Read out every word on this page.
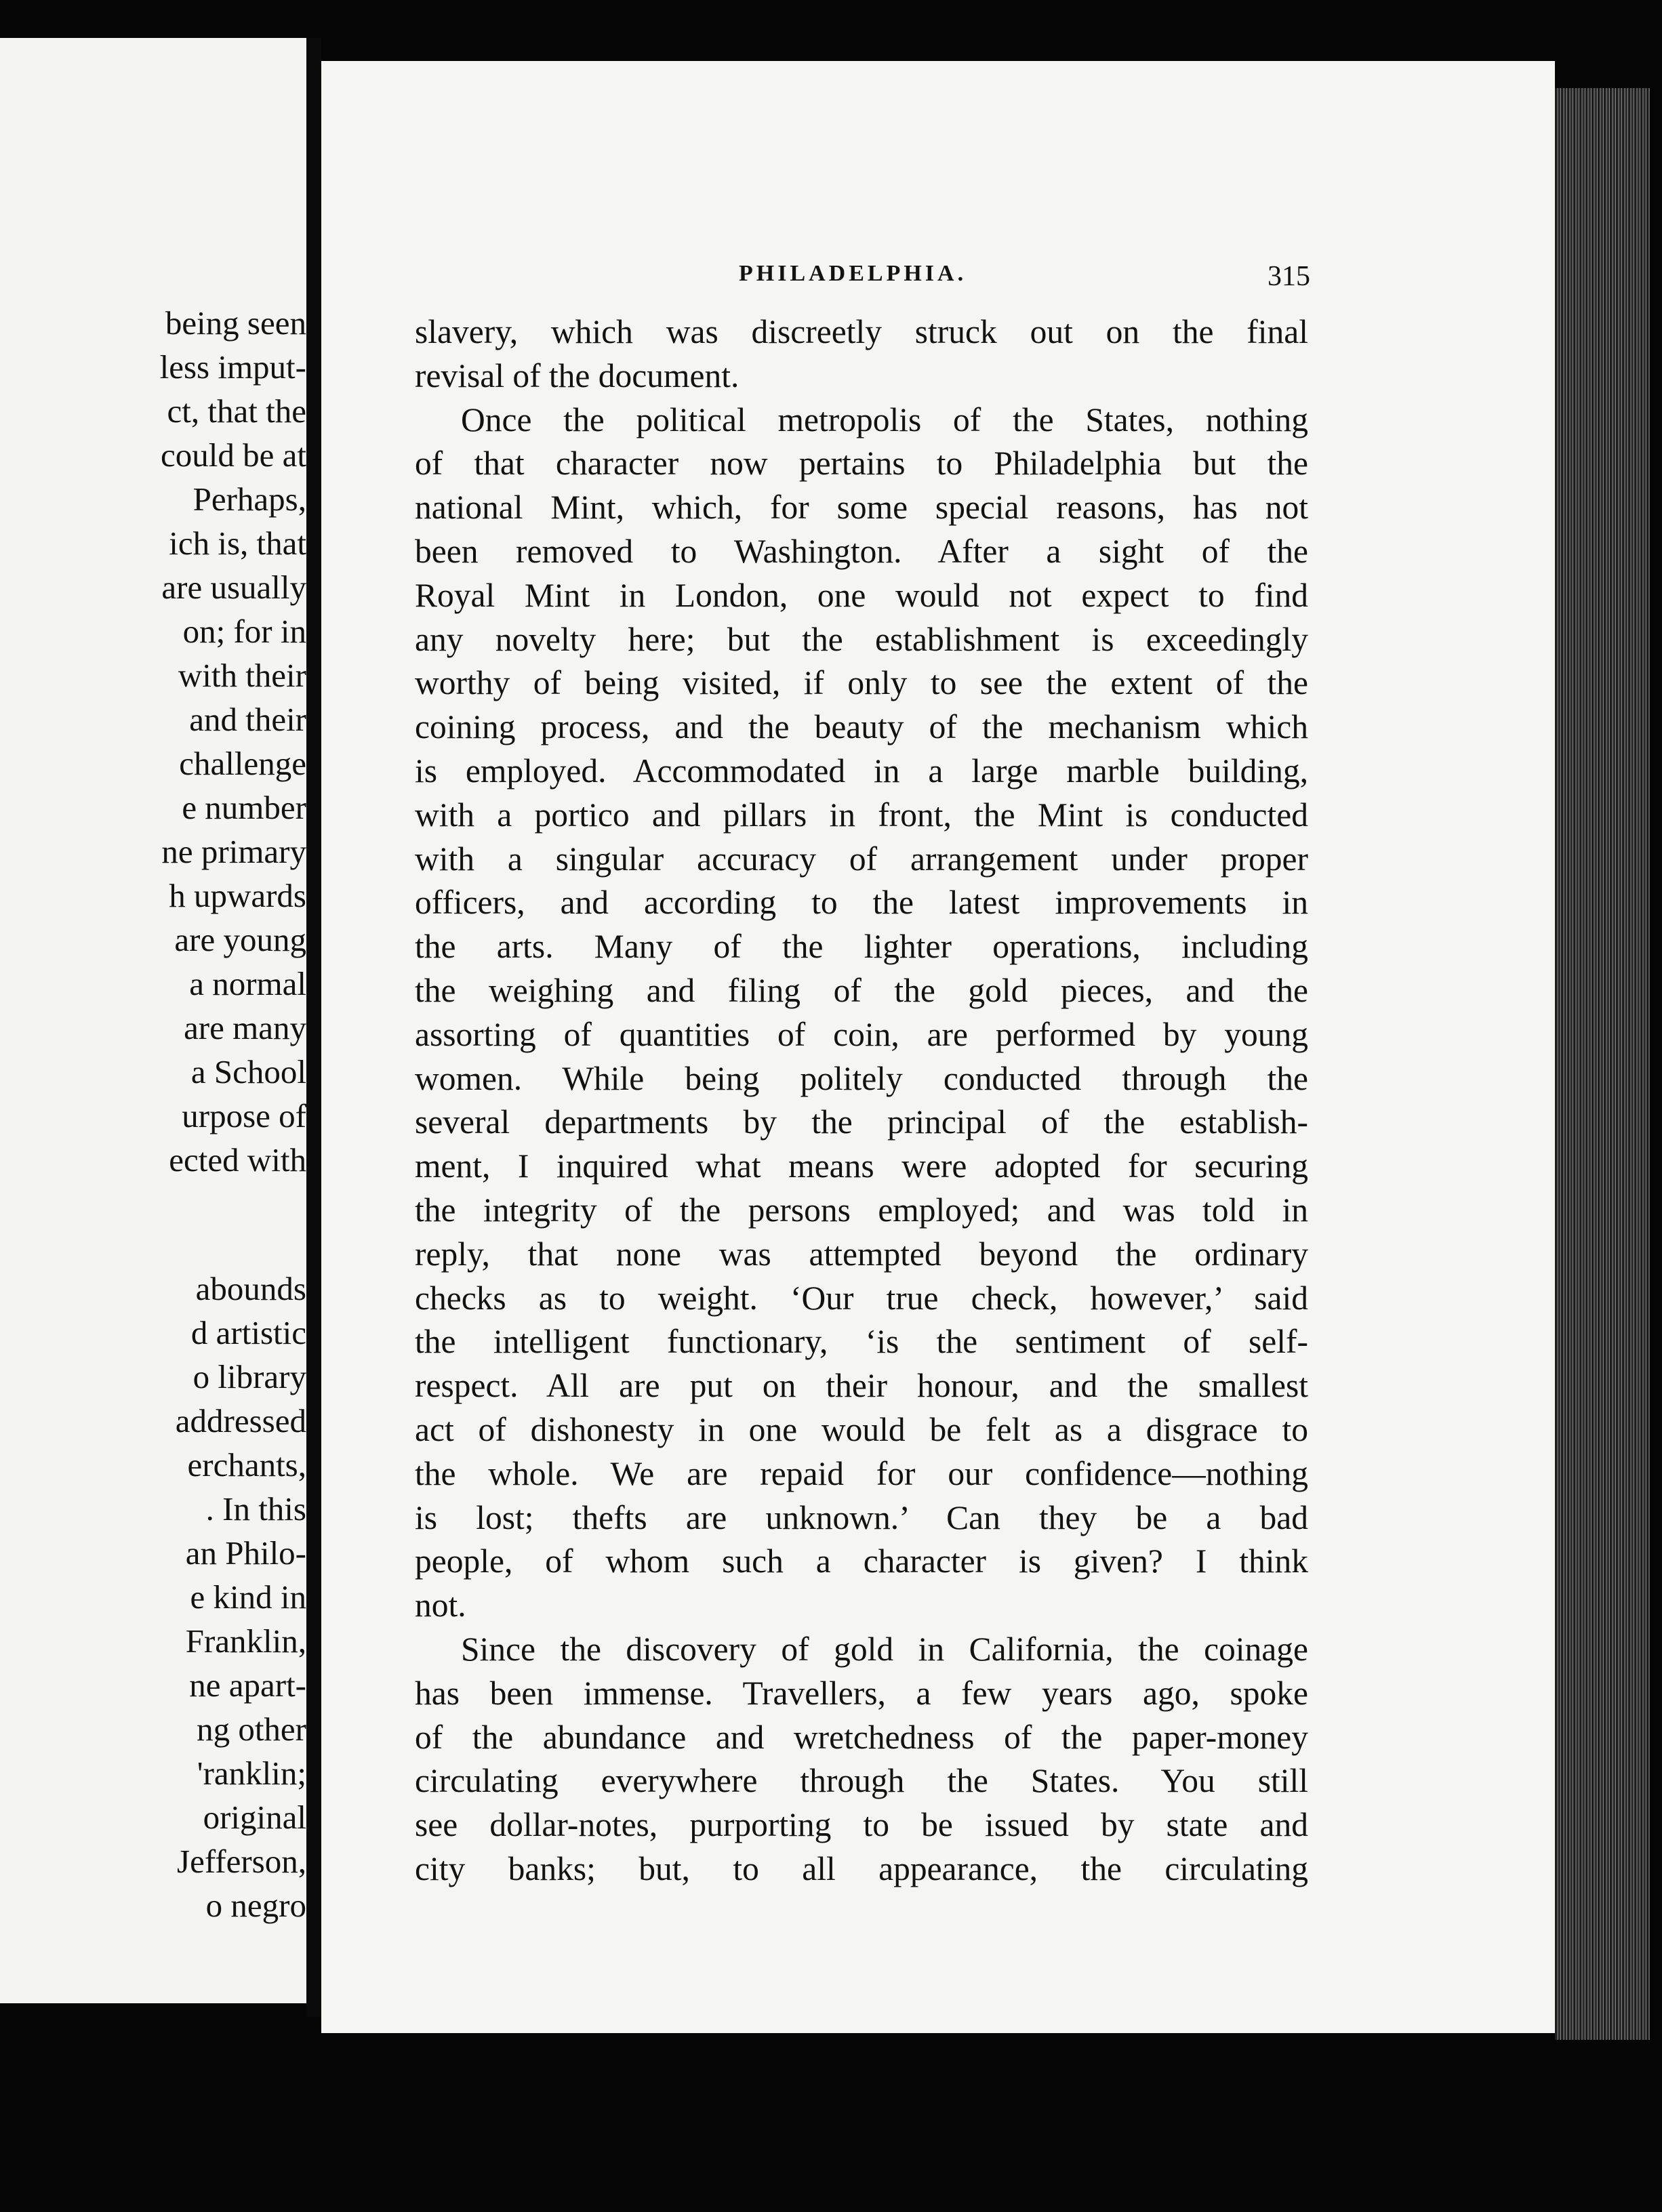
being seen
less imput-
ct, that the
could be at
Perhaps,
ich is, that
are usually
on; for in
with their
and their
challenge
e number
ne primary
h upwards
are young
a normal
are many
a School
urpose of
ected with
abounds
d artistic
o library
addressed
erchants,
. In this
an Philo-
e kind in
Franklin,
ne apart-
ng other
'ranklin;
original
Jefferson,
o negro
PHILADELPHIA.	315
slavery, which was discreetly struck out on the final
revisal of the document.
Once the political metropolis of the States, nothing
of that character now pertains to Philadelphia but the
national Mint, which, for some special reasons, has not
been removed to Washington. After a sight of the
Royal Mint in London, one would not expect to find
any novelty here; but the establishment is exceedingly
worthy of being visited, if only to see the extent of the
coining process, and the beauty of the mechanism which
is employed. Accommodated in a large marble building,
with a portico and pillars in front, the Mint is conducted
with a singular accuracy of arrangement under proper
officers, and according to the latest improvements in
the arts. Many of the lighter operations, including
the weighing and filing of the gold pieces, and the
assorting of quantities of coin, are performed by young
women. While being politely conducted through the
several departments by the principal of the establish-
ment, I inquired what means were adopted for securing
the integrity of the persons employed; and was told in
reply, that none was attempted beyond the ordinary
checks as to weight. ‘Our true check, however,’ said
the intelligent functionary, ‘is the sentiment of self-
respect. All are put on their honour, and the smallest
act of dishonesty in one would be felt as a disgrace to
the whole. We are repaid for our confidence—nothing
is lost; thefts are unknown.’ Can they be a bad
people, of whom such a character is given? I think
not.
Since the discovery of gold in California, the coinage
has been immense. Travellers, a few years ago, spoke
of the abundance and wretchedness of the paper-money
circulating everywhere through the States. You still
see dollar-notes, purporting to be issued by state and
city banks; but, to all appearance, the circulating
